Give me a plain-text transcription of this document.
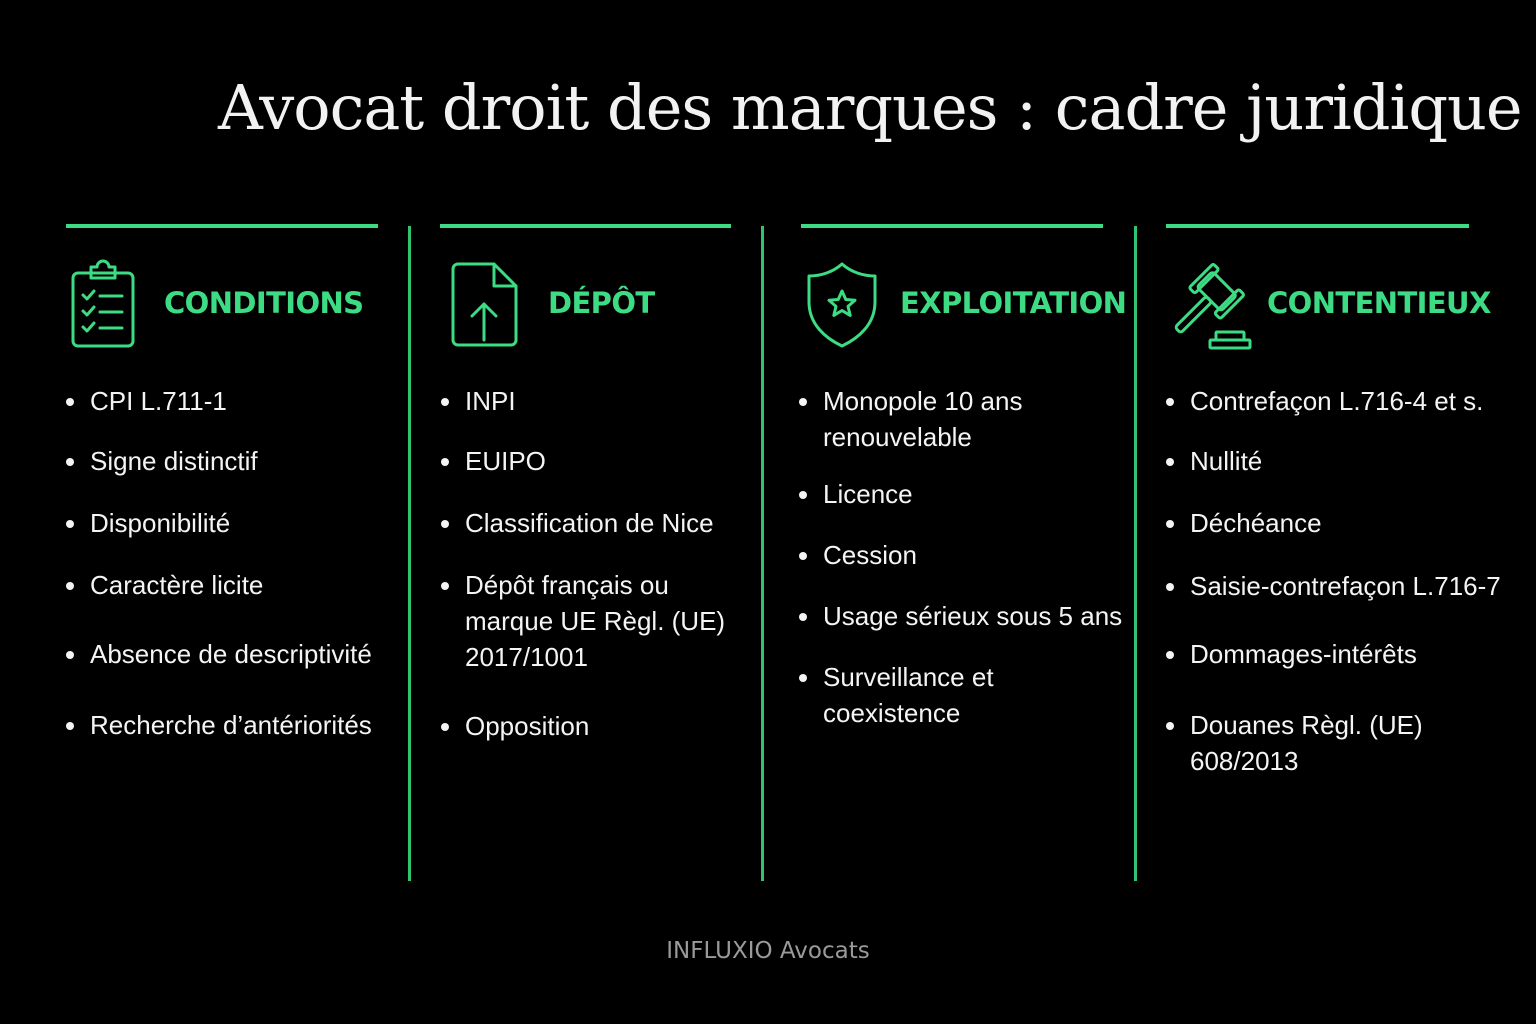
Avocat droit des marques : cadre juridique
CONDITIONS
CPI L.711-1
Signe distinctif
Disponibilité
Caractère licite
Absence de descriptivité
Recherche d’antériorités
DÉPÔT
INPI
EUIPO
Classification de Nice
Dépôt français ou marque UE Règl. (UE) 2017/1001
Opposition
EXPLOITATION
Monopole 10 ans renouvelable
Licence
Cession
Usage sérieux sous 5 ans
Surveillance et coexistence
CONTENTIEUX
Contrefaçon L.716-4 et s.
Nullité
Déchéance
Saisie-contrefaçon L.716-7
Dommages-intérêts
Douanes Règl. (UE) 608/2013
INFLUXIO Avocats
